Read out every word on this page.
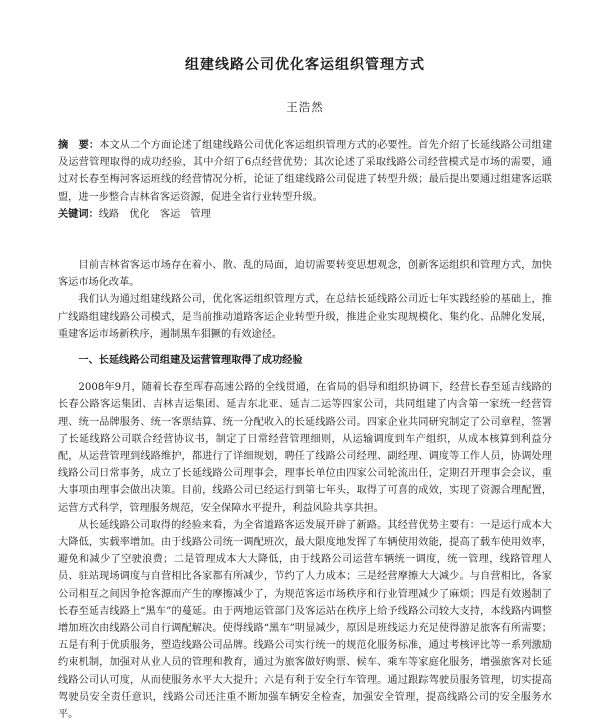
组建线路公司优化客运组织管理方式
王浩然

摘　要：本文从二个方面论述了组建线路公司优化客运组织管理方式的必要性。首先介绍了长延线路公司组建及运营管理取得的成功经验，其中介绍了6点经营优势；其次论述了采取线路公司经营模式是市场的需要，通过对长春至梅河客运班线的经营情况分析，论证了组建线路公司促进了转型升级；最后提出要通过组建客运联盟，进一步整合吉林省客运资源，促进全省行业转型升级。

关键词：线路　优化　客运　管理

目前吉林省客运市场存在着小、散、乱的局面，迫切需要转变思想观念，创新客运组织和管理方式，加快客运市场化改革。

我们认为通过组建线路公司，优化客运组织管理方式，在总结长延线路公司近七年实践经验的基础上，推广线路组建线路公司模式，是当前推动道路客运企业转型升级，推进企业实现规模化、集约化、品牌化发展，重建客运市场新秩序，遏制黑车猖獗的有效途径。

一、长延线路公司组建及运营管理取得了成功经验

2008年9月，随着长春至珲春高速公路的全线贯通，在省局的倡导和组织协调下，经营长春至延吉线路的长春公路客运集团、吉林吉运集团、延吉东北亚、延吉二运等四家公司，共同组建了内含第一家统一经营管理、统一品牌服务、统一客票结算、统一分配收入的长延线路公司。四家企业共同研究制定了公司章程，签署了长延线路公司联合经营协议书，制定了日常经营管理细则，从运输调度到车产组织，从成本核算到利益分配，从运营管理到线路维护，都进行了详细规划，聘任了线路公司经理、副经理、调度等工作人员，协调处理线路公司日常事务，成立了长延线路公司理事会，理事长单位由四家公司轮流出任，定期召开理事会会议，重大事项由理事会做出决策。目前，线路公司已经运行到第七年头，取得了可喜的成效，实现了资源合理配置，运营方式科学，管理服务规范，安全保障水平提升，利益风险共享共担。

从长延线路公司取得的经验来看，为全省道路客运发展开辟了新路。其经营优势主要有：一是运行成本大大降低，实载率增加。由于线路公司统一调配班次，最大限度地发挥了车辆使用效能，提高了载车使用效率，避免和减少了空驶浪费；二是管理成本大大降低，由于线路公司运营车辆统一调度，统一管理，线路管理人员、驻站现场调度与自营相比各家都有所减少，节约了人力成本；三是经营摩擦大大减少。与自营相比，各家公司相互之间因争抢客源而产生的摩擦减少了，为规范客运市场秩序和行业管理减少了麻烦；四是有效遏制了长春至延吉线路上“黑车”的蔓延。由于两地运管部门及客运站在秩序上给予线路公司较大支持，本线路内调整增加班次由线路公司自行调配解决。使得线路“黑车”明显减少，原因是班线运力充足使得游足旅客有所需要；五是有利于优质服务，塑造线路公司品牌。线路公司实行统一的规范化服务标准，通过考核评比等一系列激励约束机制，加强对从业人员的管理和教育，通过为旅客做好购票、候车、乘车等家庭化服务，增强旅客对长延线路公司认可度，从而使服务水平大大提升；六是有利于安全行车管理。通过跟踪驾驶员服务管理，切实提高驾驶员安全责任意识，线路公司还注重不断加强车辆安全检查，加强安全管理，提高线路公司的安全服务水平。
